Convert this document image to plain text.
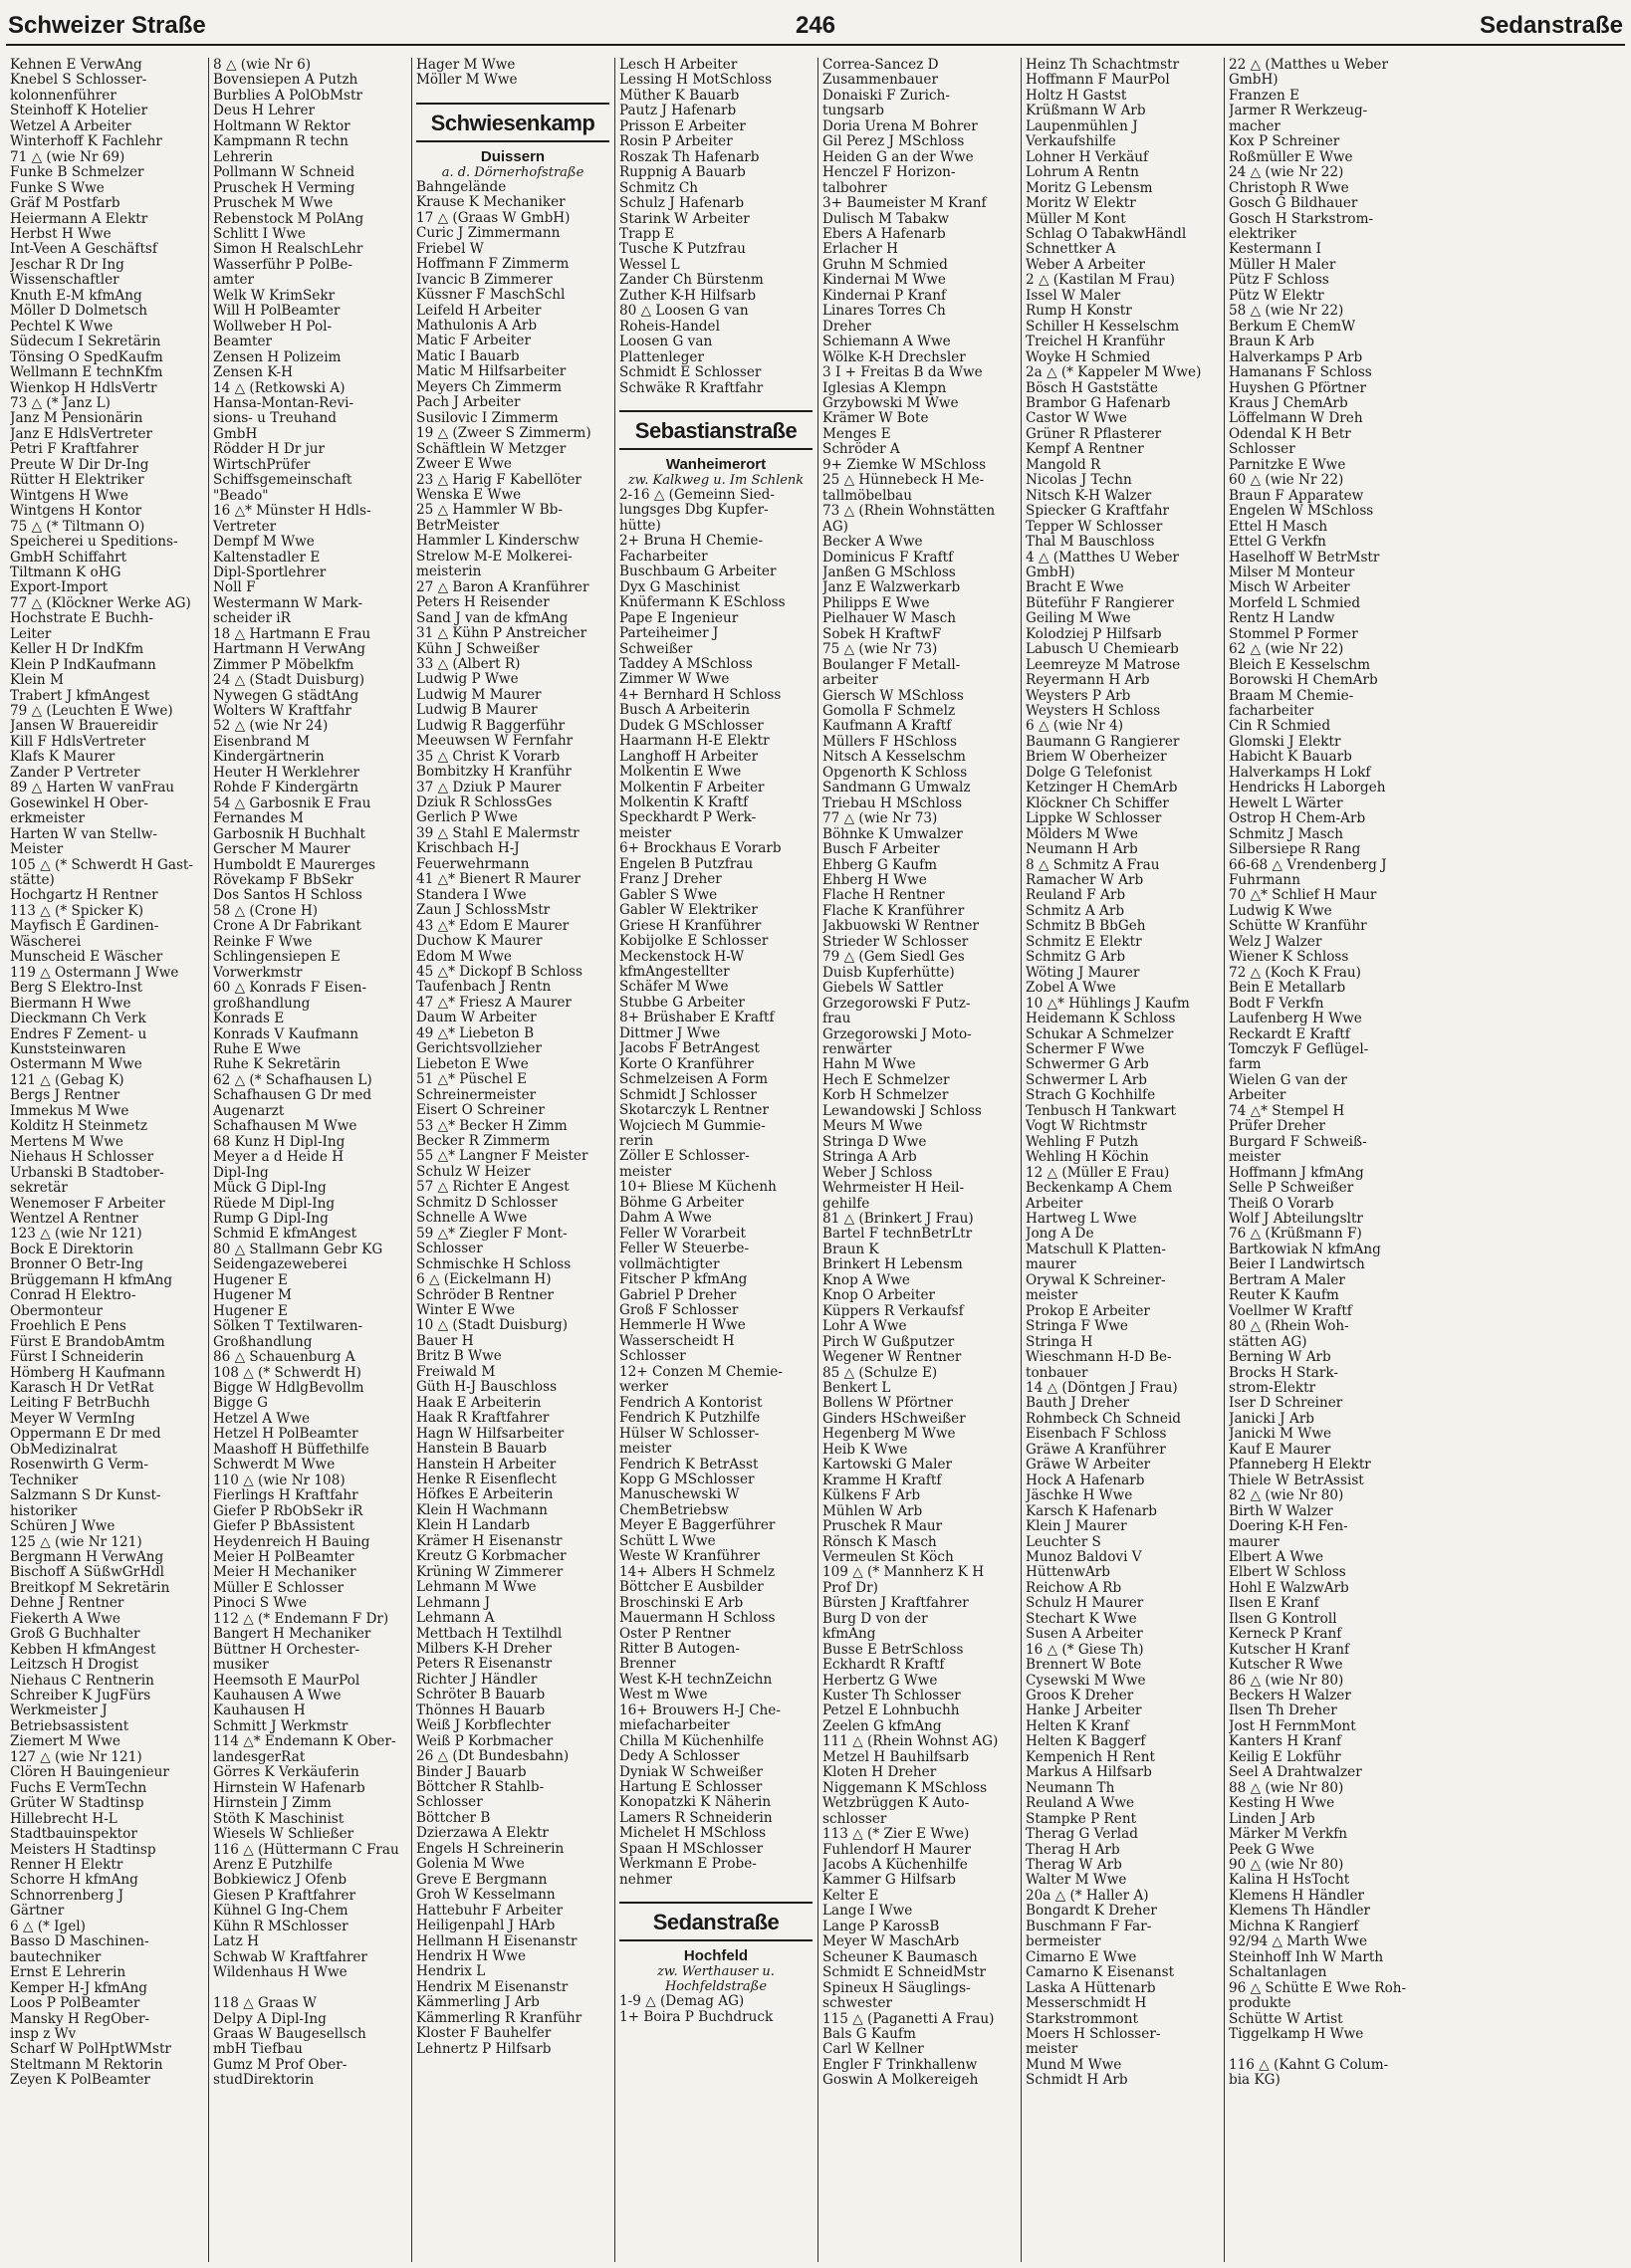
Schweizer Straße	246	Sedanstraße
Kehnen E VerwAng
Knebel S Schlosser-
kolonnenführer
Steinhoff K Hotelier
Wetzel A Arbeiter
Winterhoff K Fachlehr
71 △ (wie Nr 69)
Funke B Schmelzer
Funke S Wwe
Gräf M Postfarb
Heiermann A Elektr
Herbst H Wwe
Int-Veen A Geschäftsf
Jeschar R Dr Ing
Wissenschaftler
Knuth E-M kfmAng
Möller D Dolmetsch
Pechtel K Wwe
Südecum I Sekretärin
Tönsing O SpedKaufm
Wellmann E technKfm
Wienkop H HdlsVertr
73 △ (* Janz L)
Janz M Pensionärin
Janz E HdlsVertreter
Petri F Kraftfahrer
Preute W Dir Dr-Ing
Rütter H Elektriker
Wintgens H Wwe
Wintgens H Kontor
75 △ (* Tiltmann O)
Speicherei u Speditions-
GmbH Schiffahrt
Tiltmann K oHG
Export-Import
77 △ (Klöckner Werke AG)
Hochstrate E Buchh-
Leiter
Keller H Dr IndKfm
Klein P IndKaufmann
Klein M
Trabert J kfmAngest
79 △ (Leuchten E Wwe)
Jansen W Brauereidir
Kill F HdlsVertreter
Klafs K Maurer
Zander P Vertreter
89 △ Harten W vanFrau
Gosewinkel H Ober-
erkmeister
Harten W van Stellw-
Meister
105 △ (* Schwerdt H Gast-
stätte)
Hochgartz H Rentner
113 △ (* Spicker K)
Mayfisch E Gardinen-
Wäscherei
Munscheid E Wäscher
119 △ Ostermann J Wwe
Berg S Elektro-Inst
Biermann H Wwe
Dieckmann Ch Verk
Endres F Zement- u
Kunststeinwaren
Ostermann M Wwe
121 △ (Gebag K)
Bergs J Rentner
Immekus M Wwe
Kolditz H Steinmetz
Mertens M Wwe
Niehaus H Schlosser
Urbanski B Stadtober-
sekretär
Wenemoser F Arbeiter
Wentzel A Rentner
123 △ (wie Nr 121)
Bock E Direktorin
Bronner O Betr-Ing
Brüggemann H kfmAng
Conrad H Elektro-
Obermonteur
Froehlich E Pens
Fürst E BrandobAmtm
Fürst I Schneiderin
Hömberg H Kaufmann
Karasch H Dr VetRat
Leiting F BetrBuchh
Meyer W VermIng
Oppermann E Dr med
ObMedizinalrat
Rosenwirth G Verm-
Techniker
Salzmann S Dr Kunst-
historiker
Schüren J Wwe
125 △ (wie Nr 121)
Bergmann H VerwAng
Bischoff A SüßwGrHdl
Breitkopf M Sekretärin
Dehne J Rentner
Fiekerth A Wwe
Groß G Buchhalter
Kebben H kfmAngest
Leitzsch H Drogist
Niehaus C Rentnerin
Schreiber K JugFürs
Werkmeister J
Betriebsassistent
Ziemert M Wwe
127 △ (wie Nr 121)
Clören H Bauingenieur
Fuchs E VermTechn
Grüter W Stadtinsp
Hillebrecht H-L
Stadtbauinspektor
Meisters H Stadtinsp
Renner H Elektr
Schorre H kfmAng
Schnorrenberg J
Gärtner
6 △ (* Igel)
Basso D Maschinen-
bautechniker
Ernst E Lehrerin
Kemper H-J kfmAng
Loos P PolBeamter
Mansky H RegOber-
insp z Wv
Scharf W PolHptWMstr
Steltmann M Rektorin
Zeyen K PolBeamter
8 △ (wie Nr 6)
Bovensiepen A Putzh
Burblies A PolObMstr
Deus H Lehrer
Holtmann W Rektor
Kampmann R techn
Lehrerin
Pollmann W Schneid
Pruschek H Verming
Pruschek M Wwe
Rebenstock M PolAng
Schlitt I Wwe
Simon H RealschLehr
Wasserführ P PolBe-
amter
Welk W KrimSekr
Will H PolBeamter
Wollweber H Pol-
Beamter
Zensen H Polizeim
Zensen K-H
14 △ (Retkowski A)
Hansa-Montan-Revi-
sions- u Treuhand
GmbH
Rödder H Dr jur
WirtschPrüfer
Schiffsgemeinschaft
"Beado"
16 △* Münster H Hdls-
Vertreter
Dempf M Wwe
Kaltenstadler E
Dipl-Sportlehrer
Noll F
Westermann W Mark-
scheider iR
18 △ Hartmann E Frau
Hartmann H VerwAng
Zimmer P Möbelkfm
24 △ (Stadt Duisburg)
Nywegen G städtAng
Wolters W Kraftfahr
52 △ (wie Nr 24)
Eisenbrand M
Kindergärtnerin
Heuter H Werklehrer
Rohde F Kindergärtn
54 △ Garbosnik E Frau
Fernandes M
Garbosnik H Buchhalt
Gerscher M Maurer
Humboldt E Maurerges
Rövekamp F BbSekr
Dos Santos H Schloss
58 △ (Crone H)
Crone A Dr Fabrikant
Reinke F Wwe
Schlingensiepen E
Vorwerkmstr
60 △ Konrads F Eisen-
großhandlung
Konrads E
Konrads V Kaufmann
Ruhe E Wwe
Ruhe K Sekretärin
62 △ (* Schafhausen L)
Schafhausen G Dr med
Augenarzt
Schafhausen M Wwe
68 Kunz H Dipl-Ing
Meyer a d Heide H
Dipl-Ing
Mück G Dipl-Ing
Rüede M Dipl-Ing
Rump G Dipl-Ing
Schmid E kfmAngest
80 △ Stallmann Gebr KG
Seidengazeweberei
Hugener E
Hugener M
Hugener E
Sölken T Textilwaren-
Großhandlung
86 △ Schauenburg A
108 △ (* Schwerdt H)
Bigge W HdlgBevollm
Bigge G
Hetzel A Wwe
Hetzel H PolBeamter
Maashoff H Büffethilfe
Schwerdt M Wwe
110 △ (wie Nr 108)
Fierlings H Kraftfahr
Giefer P RbObSekr iR
Giefer P BbAssistent
Heydenreich H Bauing
Meier H PolBeamter
Meier H Mechaniker
Müller E Schlosser
Pinoci S Wwe
112 △ (* Endemann F Dr)
Bangert H Mechaniker
Büttner H Orchester-
musiker
Heemsoth E MaurPol
Kauhausen A Wwe
Kauhausen H
Schmitt J Werkmstr
114 △* Endemann K Ober-
landesgerRat
Görres K Verkäuferin
Hirnstein W Hafenarb
Hirnstein J Zimm
Stöth K Maschinist
Wiesels W Schließer
116 △ (Hüttermann C Frau
Arenz E Putzhilfe
Bobkiewicz J Ofenb
Giesen P Kraftfahrer
Kühnel G Ing-Chem
Kühn R MSchlosser
Latz H
Schwab W Kraftfahrer
Wildenhaus H Wwe

118 △ Graas W
Delpy A Dipl-Ing
Graas W Baugesellsch
mbH Tiefbau
Gumz M Prof Ober-
studDirektorin
Hager M Wwe
Möller M Wwe
Schwiesenkamp
Duissern
a. d. Dörnerhofstraße
Bahngelände
Krause K Mechaniker
17 △ (Graas W GmbH)
Curic J Zimmermann
Friebel W
Hoffmann F Zimmerm
Ivancic B Zimmerer
Küssner F MaschSchl
Leifeld H Arbeiter
Mathulonis A Arb
Matic F Arbeiter
Matic I Bauarb
Matic M Hilfsarbeiter
Meyers Ch Zimmerm
Pach J Arbeiter
Susilovic I Zimmerm
19 △ (Zweer S Zimmerm)
Schäftlein W Metzger
Zweer E Wwe
23 △ Harig F Kabellöter
Wenska E Wwe
25 △ Hammler W Bb-
BetrMeister
Hammler L Kinderschw
Strelow M-E Molkerei-
meisterin
27 △ Baron A Kranführer
Peters H Reisender
Sand J van de kfmAng
31 △ Kühn P Anstreicher
Kühn J Schweißer
33 △ (Albert R)
Ludwig P Wwe
Ludwig M Maurer
Ludwig B Maurer
Ludwig R Baggerführ
Meeuwsen W Fernfahr
35 △ Christ K Vorarb
Bombitzky H Kranführ
37 △ Dziuk P Maurer
Dziuk R SchlossGes
Gerlich P Wwe
39 △ Stahl E Malermstr
Krischbach H-J
Feuerwehrmann
41 △* Bienert R Maurer
Standera I Wwe
Zaun J SchlossMstr
43 △* Edom E Maurer
Duchow K Maurer
Edom M Wwe
45 △* Dickopf B Schloss
Taufenbach J Rentn
47 △* Friesz A Maurer
Daum W Arbeiter
49 △* Liebeton B
Gerichtsvollzieher
Liebeton E Wwe
51 △* Püschel E
Schreinermeister
Eisert O Schreiner
53 △* Becker H Zimm
Becker R Zimmerm
55 △* Langner F Meister
Schulz W Heizer
57 △ Richter E Angest
Schmitz D Schlosser
Schnelle A Wwe
59 △* Ziegler F Mont-
Schlosser
Schmischke H Schloss
6 △ (Eickelmann H)
Schröder B Rentner
Winter E Wwe
10 △ (Stadt Duisburg)
Bauer H
Britz B Wwe
Freiwald M
Güth H-J Bauschloss
Haak E Arbeiterin
Haak R Kraftfahrer
Hagn W Hilfsarbeiter
Hanstein B Bauarb
Hanstein H Arbeiter
Henke R Eisenflecht
Höfkes E Arbeiterin
Klein H Wachmann
Klein H Landarb
Krämer H Eisenanstr
Kreutz G Korbmacher
Krüning W Zimmerer
Lehmann M Wwe
Lehmann J
Lehmann A
Mettbach H Textilhdl
Milbers K-H Dreher
Peters R Eisenanstr
Richter J Händler
Schröter B Bauarb
Thönnes H Bauarb
Weiß J Korbflechter
Weiß P Korbmacher
26 △ (Dt Bundesbahn)
Binder J Bauarb
Böttcher R Stahlb-
Schlosser
Böttcher B
Dzierzawa A Elektr
Engels H Schreinerin
Golenia M Wwe
Greve E Bergmann
Groh W Kesselmann
Hattebuhr F Arbeiter
Heiligenpahl J HArb
Hellmann H Eisenanstr
Hendrix H Wwe
Hendrix L
Hendrix M Eisenanstr
Kämmerling J Arb
Kämmerling R Kranführ
Kloster F Bauhelfer
Lehnertz P Hilfsarb
Lesch H Arbeiter
Lessing H MotSchloss
Müther K Bauarb
Pautz J Hafenarb
Prisson E Arbeiter
Rosin P Arbeiter
Roszak Th Hafenarb
Ruppnig A Bauarb
Schmitz Ch
Schulz J Hafenarb
Starink W Arbeiter
Trapp E
Tusche K Putzfrau
Wessel L
Zander Ch Bürstenm
Zuther K-H Hilfsarb
80 △ Loosen G van
Roheis-Handel
Loosen G van
Plattenleger
Schmidt E Schlosser
Schwäke R Kraftfahr
Sebastianstraße
Wanheimerort
zw. Kalkweg u. Im Schlenk
2-16 △ (Gemeinn Sied-
lungsges Dbg Kupfer-
hütte)
2+ Bruna H Chemie-
Facharbeiter
Buschbaum G Arbeiter
Dyx G Maschinist
Knüfermann K ESchloss
Pape E Ingenieur
Parteiheimer J
Schweißer
Taddey A MSchloss
Zimmer W Wwe
4+ Bernhard H Schloss
Busch A Arbeiterin
Dudek G MSchlosser
Haarmann H-E Elektr
Langhoff H Arbeiter
Molkentin E Wwe
Molkentin F Arbeiter
Molkentin K Kraftf
Speckhardt P Werk-
meister
6+ Brockhaus E Vorarb
Engelen B Putzfrau
Franz J Dreher
Gabler S Wwe
Gabler W Elektriker
Griese H Kranführer
Kobijolke E Schlosser
Meckenstock H-W
kfmAngestellter
Schäfer M Wwe
Stubbe G Arbeiter
8+ Brüshaber E Kraftf
Dittmer J Wwe
Jacobs F BetrAngest
Korte O Kranführer
Schmelzeisen A Form
Schmidt J Schlosser
Skotarczyk L Rentner
Wojciech M Gummie-
rerin
Zöller E Schlosser-
meister
10+ Bliese M Küchenh
Böhme G Arbeiter
Dahm A Wwe
Feller W Vorarbeit
Feller W Steuerbe-
vollmächtigter
Fitscher P kfmAng
Gabriel P Dreher
Groß F Schlosser
Hemmerle H Wwe
Wasserscheidt H
Schlosser
12+ Conzen M Chemie-
werker
Fendrich A Kontorist
Fendrich K Putzhilfe
Hülser W Schlosser-
meister
Fendrich K BetrAsst
Kopp G MSchlosser
Manuschewski W
ChemBetriebsw
Meyer E Baggerführer
Schütt L Wwe
Weste W Kranführer
14+ Albers H Schmelz
Böttcher E Ausbilder
Broschinski E Arb
Mauermann H Schloss
Oster P Rentner
Ritter B Autogen-
Brenner
West K-H technZeichn
West m Wwe
16+ Brouwers H-J Che-
miefacharbeiter
Chilla M Küchenhilfe
Dedy A Schlosser
Dyniak W Schweißer
Hartung E Schlosser
Konopatzki K Näherin
Lamers R Schneiderin
Michelet H MSchloss
Spaan H MSchlosser
Werkmann E Probe-
nehmer
Sedanstraße
Hochfeld
zw. Werthauser u. Hochfeldstraße
1-9 △ (Demag AG)
1+ Boira P Buchdruck
Correa-Sancez D
Zusammenbauer
Donaiski F Zurich-
tungsarb
Doria Urena M Bohrer
Gil Perez J MSchloss
Heiden G an der Wwe
Henczel F Horizon-
talbohrer
3+ Baumeister M Kranf
Dulisch M Tabakw
Ebers A Hafenarb
Erlacher H
Gruhn M Schmied
Kindernai M Wwe
Kindernai P Kranf
Linares Torres Ch
Dreher
Schiemann A Wwe
Wölke K-H Drechsler
3 I + Freitas B da Wwe
Iglesias A Klempn
Grzybowski M Wwe
Krämer W Bote
Menges E
Schröder A
9+ Ziemke W MSchloss
25 △ Hünnebeck H Me-
tallmöbelbau
73 △ (Rhein Wohnstätten
AG)
Becker A Wwe
Dominicus F Kraftf
Janßen G MSchloss
Janz E Walzwerkarb
Philipps E Wwe
Pielhauer W Masch
Sobek H KraftwF
75 △ (wie Nr 73)
Boulanger F Metall-
arbeiter
Giersch W MSchloss
Gomolla F Schmelz
Kaufmann A Kraftf
Müllers F HSchloss
Nitsch A Kesselschm
Opgenorth K Schloss
Sandmann G Umwalz
Triebau H MSchloss
77 △ (wie Nr 73)
Böhnke K Umwalzer
Busch F Arbeiter
Ehberg G Kaufm
Ehberg H Wwe
Flache H Rentner
Flache K Kranführer
Jakbuowski W Rentner
Strieder W Schlosser
79 △ (Gem Siedl Ges
Duisb Kupferhütte)
Giebels W Sattler
Grzegorowski F Putz-
frau
Grzegorowski J Moto-
renwärter
Hahn M Wwe
Hech E Schmelzer
Korb H Schmelzer
Lewandowski J Schloss
Meurs M Wwe
Stringa D Wwe
Stringa A Arb
Weber J Schloss
Wehrmeister H Heil-
gehilfe
81 △ (Brinkert J Frau)
Bartel F technBetrLtr
Braun K
Brinkert H Lebensm
Knop A Wwe
Knop O Arbeiter
Küppers R Verkaufsf
Lohr A Wwe
Pirch W Gußputzer
Wegener W Rentner
85 △ (Schulze E)
Benkert L
Bollens W Pförtner
Ginders HSchweißer
Hegenberg M Wwe
Heib K Wwe
Kartowski G Maler
Kramme H Kraftf
Külkens F Arb
Mühlen W Arb
Pruschek R Maur
Rönsch K Masch
Vermeulen St Köch
109 △ (* Mannherz K H
Prof Dr)
Bürsten J Kraftfahrer
Burg D von der
kfmAng
Busse E BetrSchloss
Eckhardt R Kraftf
Herbertz G Wwe
Kuster Th Schlosser
Petzel E Lohnbuchh
Zeelen G kfmAng
111 △ (Rhein Wohnst AG)
Metzel H Bauhilfsarb
Kloten H Dreher
Niggemann K MSchloss
Wetzbrüggen K Auto-
schlosser
113 △ (* Zier E Wwe)
Fuhlendorf H Maurer
Jacobs A Küchenhilfe
Kammer G Hilfsarb
Kelter E
Lange I Wwe
Lange P KarossB
Meyer W MaschArb
Scheuner K Baumasch
Schmidt E SchneidMstr
Spineux H Säuglings-
schwester
115 △ (Paganetti A Frau)
Bals G Kaufm
Carl W Kellner
Engler F Trinkhallenw
Goswin A Molkereigeh
Heinz Th Schachtmstr
Hoffmann F MaurPol
Holtz H Gastst
Krüßmann W Arb
Laupenmühlen J
Verkaufshilfe
Lohner H Verkäuf
Lohrum A Rentn
Moritz G Lebensm
Moritz W Elektr
Müller M Kont
Schlag O TabakwHändl
Schnettker A
Weber A Arbeiter
2 △ (Kastilan M Frau)
Issel W Maler
Rump H Konstr
Schiller H Kesselschm
Treichel H Kranführ
Woyke H Schmied
2a △ (* Kappeler M Wwe)
Bösch H Gaststätte
Brambor G Hafenarb
Castor W Wwe
Grüner R Pflasterer
Kempf A Rentner
Mangold R
Nicolas J Techn
Nitsch K-H Walzer
Spiecker G Kraftfahr
Tepper W Schlosser
Thal M Bauschloss
4 △ (Matthes U Weber
GmbH)
Bracht E Wwe
Büteführ F Rangierer
Geiling M Wwe
Kolodziej P Hilfsarb
Labusch U Chemiearb
Leemreyze M Matrose
Reyermann H Arb
Weysters P Arb
Weysters H Schloss
6 △ (wie Nr 4)
Baumann G Rangierer
Briem W Oberheizer
Dolge G Telefonist
Ketzinger H ChemArb
Klöckner Ch Schiffer
Lippke W Schlosser
Mölders M Wwe
Neumann H Arb
8 △ Schmitz A Frau
Ramacher W Arb
Reuland F Arb
Schmitz A Arb
Schmitz B BbGeh
Schmitz E Elektr
Schmitz G Arb
Wöting J Maurer
Zobel A Wwe
10 △* Hühlings J Kaufm
Heidemann K Schloss
Schukar A Schmelzer
Schermer F Wwe
Schwermer G Arb
Schwermer L Arb
Strach G Kochhilfe
Tenbusch H Tankwart
Vogt W Richtmstr
Wehling F Putzh
Wehling H Köchin
12 △ (Müller E Frau)
Beckenkamp A Chem
Arbeiter
Hartweg L Wwe
Jong A De
Matschull K Platten-
maurer
Orywal K Schreiner-
meister
Prokop E Arbeiter
Stringa F Wwe
Stringa H
Wieschmann H-D Be-
tonbauer
14 △ (Döntgen J Frau)
Bauth J Dreher
Rohmbeck Ch Schneid
Eisenbach F Schloss
Gräwe A Kranführer
Gräwe W Arbeiter
Hock A Hafenarb
Jäschke H Wwe
Karsch K Hafenarb
Klein J Maurer
Leuchter S
Munoz Baldovi V
HüttenwArb
Reichow A Rb
Schulz H Maurer
Stechart K Wwe
Susen A Arbeiter
16 △ (* Giese Th)
Brennert W Bote
Cysewski M Wwe
Groos K Dreher
Hanke J Arbeiter
Helten K Kranf
Helten K Baggerf
Kempenich H Rent
Markus A Hilfsarb
Neumann Th
Reuland A Wwe
Stampke P Rent
Therag G Verlad
Therag H Arb
Therag W Arb
Walter M Wwe
20a △ (* Haller A)
Bongardt K Dreher
Buschmann F Far-
bermeister
Cimarno E Wwe
Camarno K Eisenanst
Laska A Hüttenarb
Messerschmidt H
Starkstrommont
Moers H Schlosser-
meister
Mund M Wwe
Schmidt H Arb
22 △ (Matthes u Weber
GmbH)
Franzen E
Jarmer R Werkzeug-
macher
Kox P Schreiner
Roßmüller E Wwe
24 △ (wie Nr 22)
Christoph R Wwe
Gosch G Bildhauer
Gosch H Starkstrom-
elektriker
Kestermann I
Müller H Maler
Pütz F Schloss
Pütz W Elektr
58 △ (wie Nr 22)
Berkum E ChemW
Braun K Arb
Halverkamps P Arb
Hamanans F Schloss
Huyshen G Pförtner
Kraus J ChemArb
Löffelmann W Dreh
Odendal K H Betr
Schlosser
Parnitzke E Wwe
60 △ (wie Nr 22)
Braun F Apparatew
Engelen W MSchloss
Ettel H Masch
Ettel G Verkfn
Haselhoff W BetrMstr
Milser M Monteur
Misch W Arbeiter
Morfeld L Schmied
Rentz H Landw
Stommel P Former
62 △ (wie Nr 22)
Bleich E Kesselschm
Borowski H ChemArb
Braam M Chemie-
facharbeiter
Cin R Schmied
Glomski J Elektr
Habicht K Bauarb
Halverkamps H Lokf
Hendricks H Laborgeh
Hewelt L Wärter
Ostrop H Chem-Arb
Schmitz J Masch
Silbersiepe R Rang
66-68 △ Vrendenberg J
Fuhrmann
70 △* Schlief H Maur
Ludwig K Wwe
Schütte W Kranführ
Welz J Walzer
Wiener K Schloss
72 △ (Koch K Frau)
Bein E Metallarb
Bodt F Verkfn
Laufenberg H Wwe
Reckardt E Kraftf
Tomczyk F Geflügel-
farm
Wielen G van der
Arbeiter
74 △* Stempel H
Prüfer Dreher
Burgard F Schweiß-
meister
Hoffmann J kfmAng
Selle P Schweißer
Theiß O Vorarb
Wolf J Abteilungsltr
76 △ (Krüßmann F)
Bartkowiak N kfmAng
Beier I Landwirtsch
Bertram A Maler
Reuter K Kaufm
Voellmer W Kraftf
80 △ (Rhein Woh-
stätten AG)
Berning W Arb
Brocks H Stark-
strom-Elektr
Iser D Schreiner
Janicki J Arb
Janicki M Wwe
Kauf E Maurer
Pfanneberg H Elektr
Thiele W BetrAssist
82 △ (wie Nr 80)
Birth W Walzer
Doering K-H Fen-
maurer
Elbert A Wwe
Elbert W Schloss
Hohl E WalzwArb
Ilsen E Kranf
Ilsen G Kontroll
Kerneck P Kranf
Kutscher H Kranf
Kutscher R Wwe
86 △ (wie Nr 80)
Beckers H Walzer
Ilsen Th Dreher
Jost H FernmMont
Kanters H Kranf
Keilig E Lokführ
Seel A Drahtwalzer
88 △ (wie Nr 80)
Kesting H Wwe
Linden J Arb
Märker M Verkfn
Peek G Wwe
90 △ (wie Nr 80)
Kalina H HsTocht
Klemens H Händler
Klemens Th Händler
Michna K Rangierf
92/94 △ Marth Wwe
Steinhoff Inh W Marth
Schaltanlagen
96 △ Schütte E Wwe Roh-
produkte
Schütte W Artist
Tiggelkamp H Wwe

116 △ (Kahnt G Colum-
bia KG)
